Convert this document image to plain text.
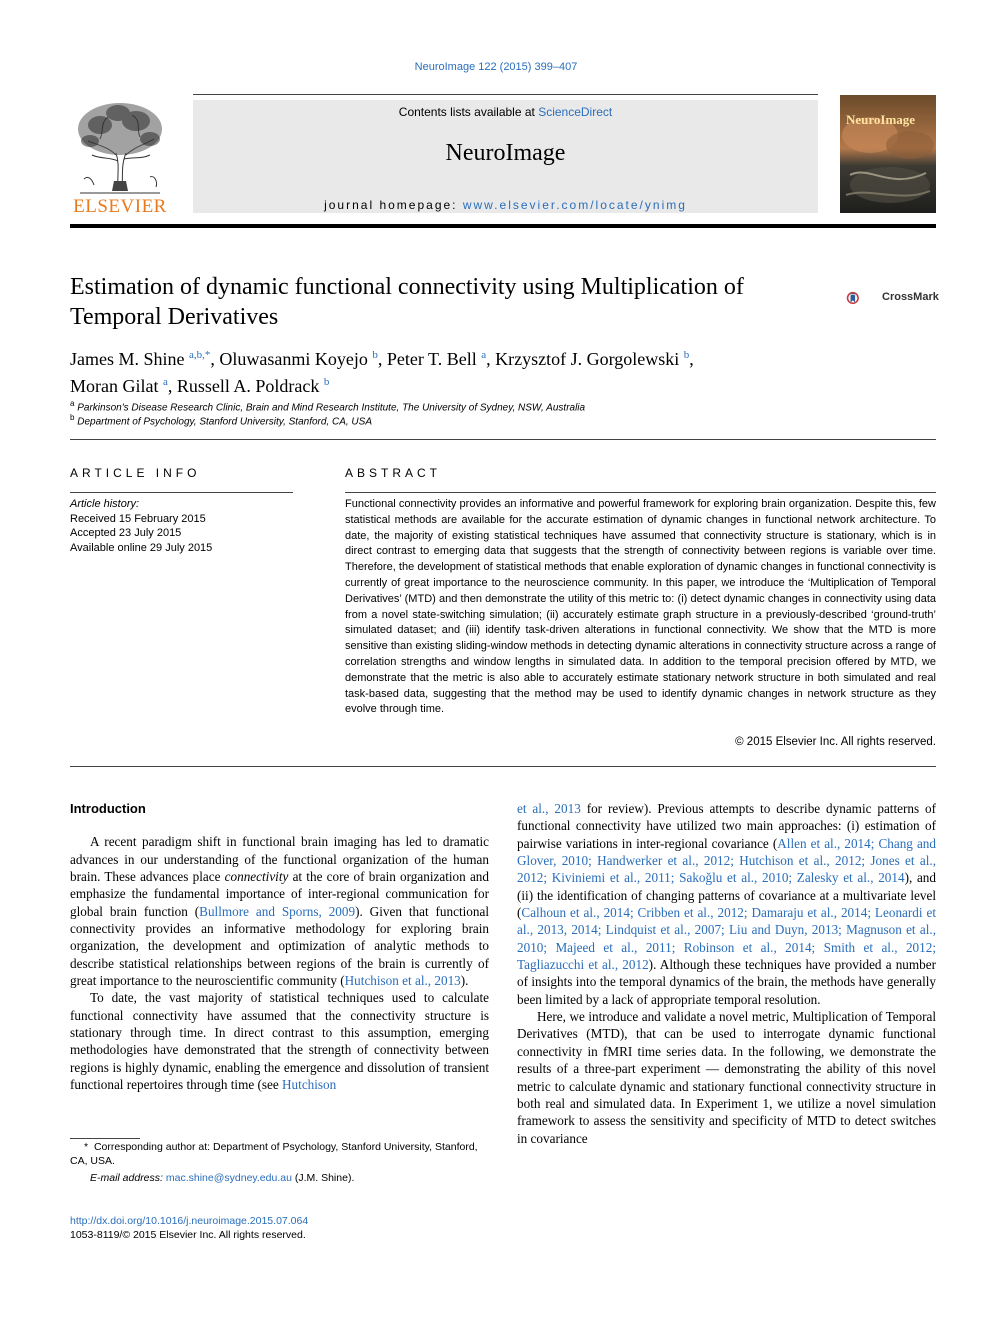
NeuroImage 122 (2015) 399–407
Contents lists available at ScienceDirect
NeuroImage
journal homepage: www.elsevier.com/locate/ynimg
ELSEVIER
NeuroImage
Estimation of dynamic functional connectivity using Multiplication of Temporal Derivatives
CrossMark
James M. Shine $^{a,b,*}$, Oluwasanmi Koyejo $^b$, Peter T. Bell $^a$, Krzysztof J. Gorgolewski $^b$,
Moran Gilat $^a$, Russell A. Poldrack $^b$
$^a$ Parkinson's Disease Research Clinic, Brain and Mind Research Institute, The University of Sydney, NSW, Australia
$^b$ Department of Psychology, Stanford University, Stanford, CA, USA
ARTICLE INFO	ABSTRACT
Article history:
Received 15 February 2015
Accepted 23 July 2015
Available online 29 July 2015
Functional connectivity provides an informative and powerful framework for exploring brain organization. Despite this, few statistical methods are available for the accurate estimation of dynamic changes in functional network architecture. To date, the majority of existing statistical techniques have assumed that connectivity structure is stationary, which is in direct contrast to emerging data that suggests that the strength of connectivity between regions is variable over time. Therefore, the development of statistical methods that enable exploration of dynamic changes in functional connectivity is currently of great importance to the neuroscience community. In this paper, we introduce the ‘Multiplication of Temporal Derivatives’ (MTD) and then demonstrate the utility of this metric to: (i) detect dynamic changes in connectivity using data from a novel state-switching simulation; (ii) accurately estimate graph structure in a previously-described ‘ground-truth’ simulated dataset; and (iii) identify task-driven alterations in functional connectivity. We show that the MTD is more sensitive than existing sliding-window methods in detecting dynamic alterations in connectivity structure across a range of correlation strengths and window lengths in simulated data. In addition to the temporal precision offered by MTD, we demonstrate that the metric is also able to accurately estimate stationary network structure in both simulated and real task-based data, suggesting that the method may be used to identify dynamic changes in network structure as they evolve through time.
© 2015 Elsevier Inc. All rights reserved.

Introduction

A recent paradigm shift in functional brain imaging has led to dramatic advances in our understanding of the functional organization of the human brain. These advances place connectivity at the core of brain organization and emphasize the fundamental importance of inter-regional communication for global brain function (Bullmore and Sporns, 2009). Given that functional connectivity provides an informative methodology for exploring brain organization, the development and optimization of analytic methods to describe statistical relationships between regions of the brain is currently of great importance to the neuroscientific community (Hutchison et al., 2013).

To date, the vast majority of statistical techniques used to calculate functional connectivity have assumed that the connectivity structure is stationary through time. In direct contrast to this assumption, emerging methodologies have demonstrated that the strength of connectivity between regions is highly dynamic, enabling the emergence and dissolution of transient functional repertoires through time (see Hutchison

* Corresponding author at: Department of Psychology, Stanford University, Stanford, CA, USA.

E-mail address: mac.shine@sydney.edu.au (J.M. Shine).

http://dx.doi.org/10.1016/j.neuroimage.2015.07.064
1053-8119/© 2015 Elsevier Inc. All rights reserved.

et al., 2013 for review). Previous attempts to describe dynamic patterns of functional connectivity have utilized two main approaches: (i) estimation of pairwise variations in inter-regional covariance (Allen et al., 2014; Chang and Glover, 2010; Handwerker et al., 2012; Hutchison et al., 2012; Jones et al., 2012; Kiviniemi et al., 2011; Sakoğlu et al., 2010; Zalesky et al., 2014), and (ii) the identification of changing patterns of covariance at a multivariate level (Calhoun et al., 2014; Cribben et al., 2012; Damaraju et al., 2014; Leonardi et al., 2013, 2014; Lindquist et al., 2007; Liu and Duyn, 2013; Magnuson et al., 2010; Majeed et al., 2011; Robinson et al., 2014; Smith et al., 2012; Tagliazucchi et al., 2012). Although these techniques have provided a number of insights into the temporal dynamics of the brain, the methods have generally been limited by a lack of appropriate temporal resolution.

Here, we introduce and validate a novel metric, Multiplication of Temporal Derivatives (MTD), that can be used to interrogate dynamic functional connectivity in fMRI time series data. In the following, we demonstrate the results of a three-part experiment — demonstrating the ability of this novel metric to calculate dynamic and stationary functional connectivity structure in both real and simulated data. In Experiment 1, we utilize a novel simulation framework to assess the sensitivity and specificity of MTD to detect switches in covariance
